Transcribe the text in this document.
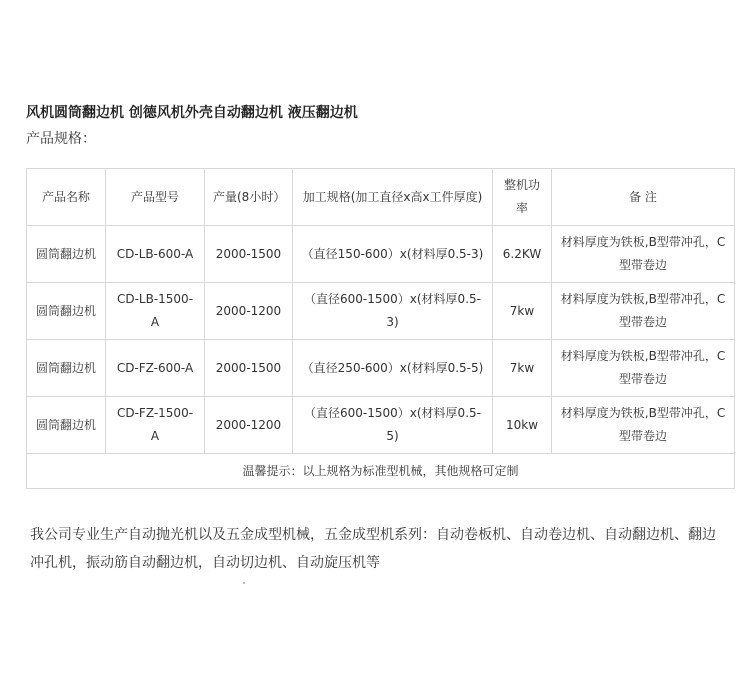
风机圆筒翻边机 创德风机外壳自动翻边机 液压翻边机
产品规格：
产品名称	产品型号	产量(8小时）	加工规格(加工直径x高x工件厚度)	整机功率	备 注
圆筒翻边机	CD-LB-600-A	2000-1500	（直径150-600）x(材料厚0.5-3)	6.2KW	材料厚度为铁板,B型带冲孔，C型带卷边
圆筒翻边机	CD-LB-1500-A	2000-1200	（直径600-1500）x(材料厚0.5-3)	7kw	材料厚度为铁板,B型带冲孔，C型带卷边
圆筒翻边机	CD-FZ-600-A	2000-1500	（直径250-600）x(材料厚0.5-5)	7kw	材料厚度为铁板,B型带冲孔，C型带卷边
圆筒翻边机	CD-FZ-1500-A	2000-1200	（直径600-1500）x(材料厚0.5-5)	10kw	材料厚度为铁板,B型带冲孔，C型带卷边
温馨提示：以上规格为标准型机械，其他规格可定制					
我公司专业生产自动抛光机以及五金成型机械，五金成型机系列：自动卷板机、自动卷边机、自动翻边机、翻边冲孔机，振动筋自动翻边机，自动切边机、自动旋压机等
